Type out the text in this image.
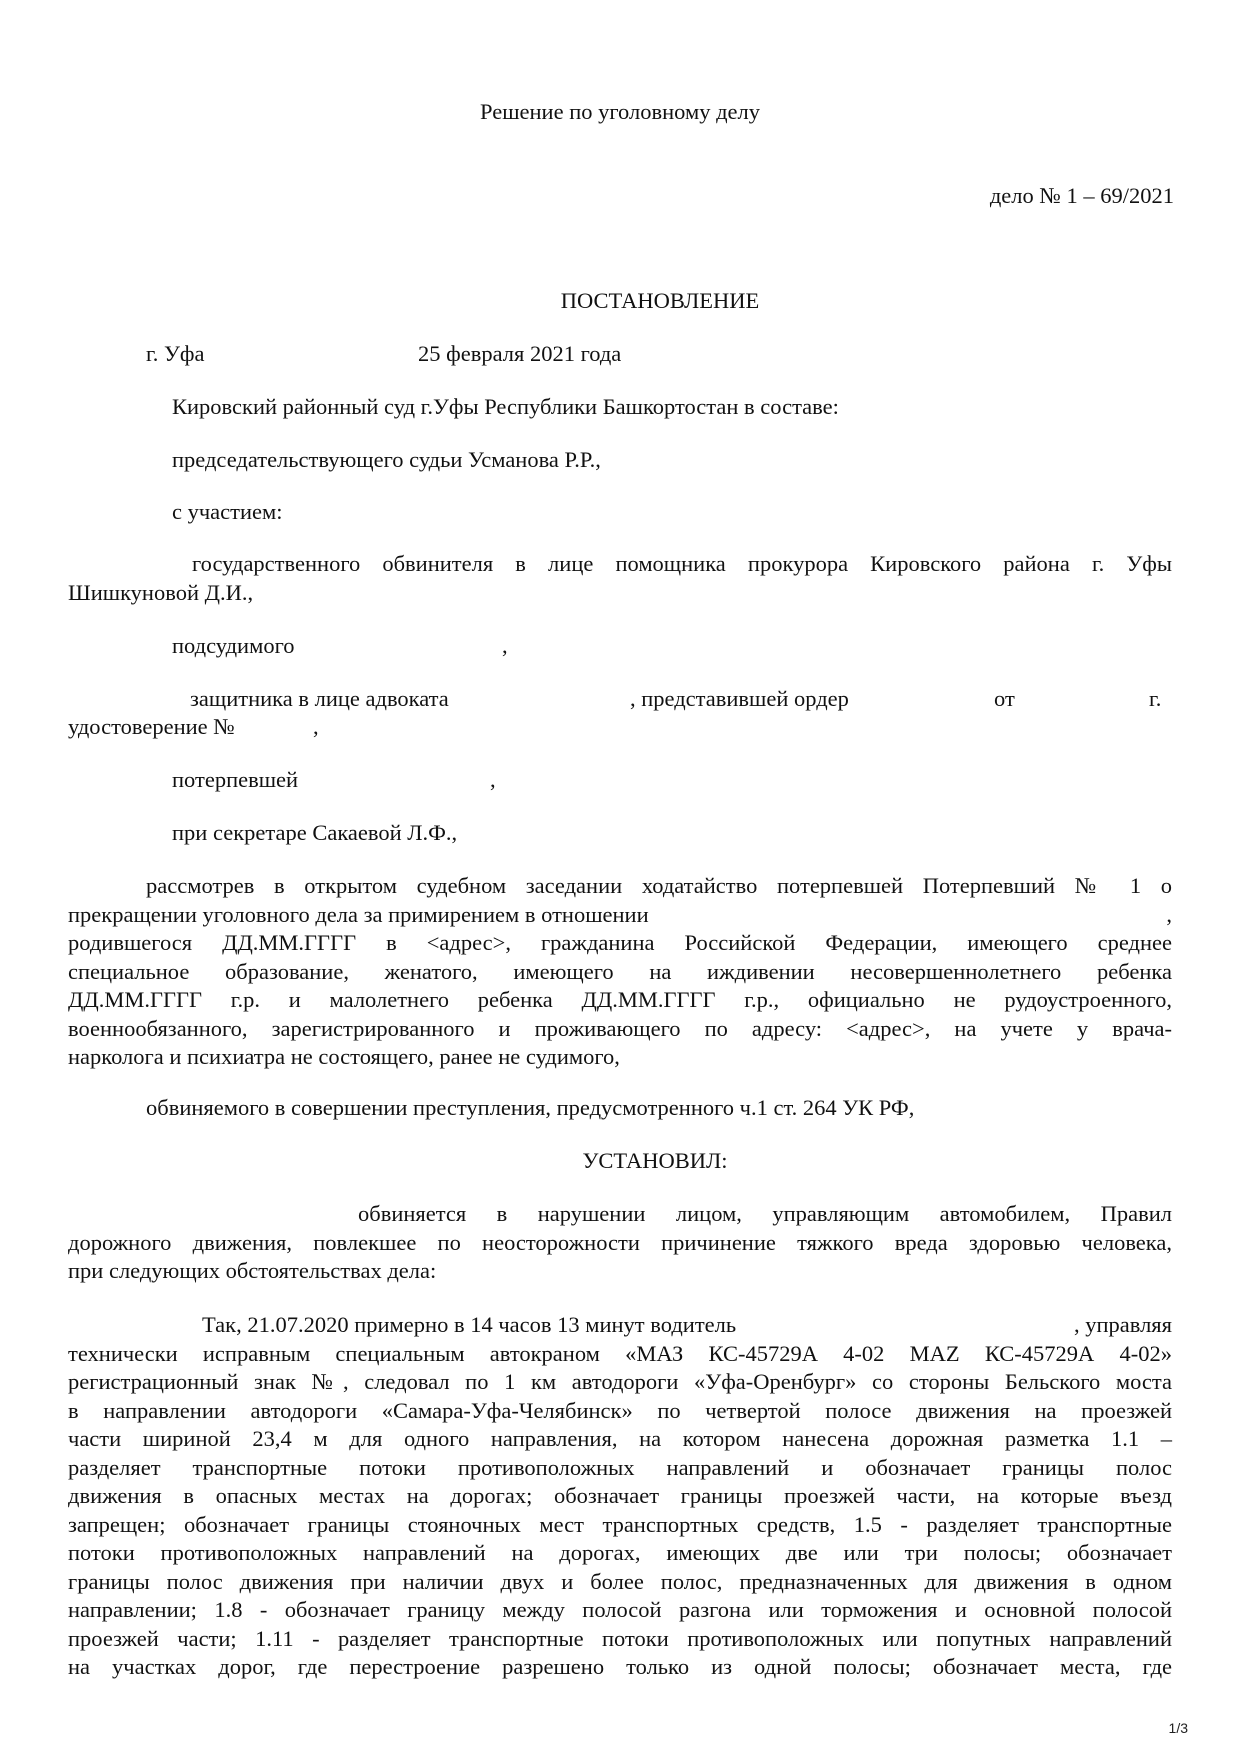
Решение по уголовному делу
дело № 1 – 69/2021
ПОСТАНОВЛЕНИЕ
г. Уфа	25 февраля 2021 года
Кировский районный суд г.Уфы Республики Башкортостан в составе:
председательствующего судьи Усманова Р.Р.,
с участием:
государственного обвинителя в лице помощника прокурора Кировского района г. Уфы
Шишкуновой Д.И.,
подсудимого	,
защитника в лице адвоката	, представившей ордер	от	г.
удостоверение №	,
потерпевшей	,
при секретаре Сакаевой Л.Ф.,
рассмотрев в открытом судебном заседании ходатайство потерпевшей Потерпевший № 1 о
прекращении уголовного дела за примирением в отношении	,
родившегося ДД.ММ.ГГГГ в <адрес>, гражданина Российской Федерации, имеющего среднее
специальное образование, женатого, имеющего на иждивении несовершеннолетнего ребенка
ДД.ММ.ГГГГ г.р. и малолетнего ребенка ДД.ММ.ГГГГ г.р., официально не рудоустроенного,
военнообязанного, зарегистрированного и проживающего по адресу: <адрес>, на учете у врача-
нарколога и психиатра не состоящего, ранее не судимого,
обвиняемого в совершении преступления, предусмотренного ч.1 ст. 264 УК РФ,
УСТАНОВИЛ:
обвиняется в нарушении лицом, управляющим автомобилем, Правил
дорожного движения, повлекшее по неосторожности причинение тяжкого вреда здоровью человека,
при следующих обстоятельствах дела:
Так, 21.07.2020 примерно в 14 часов 13 минут водитель	, управляя
технически исправным специальным автокраном «МАЗ КС-45729А 4-02 MAZ КС-45729А 4-02»
регистрационный знак №, следовал по 1 км автодороги «Уфа-Оренбург» со стороны Бельского моста
в направлении автодороги «Самара-Уфа-Челябинск» по четвертой полосе движения на проезжей
части шириной 23,4 м для одного направления, на котором нанесена дорожная разметка 1.1 –
разделяет транспортные потоки противоположных направлений и обозначает границы полос
движения в опасных местах на дорогах; обозначает границы проезжей части, на которые въезд
запрещен; обозначает границы стояночных мест транспортных средств, 1.5 - разделяет транспортные
потоки противоположных направлений на дорогах, имеющих две или три полосы; обозначает
границы полос движения при наличии двух и более полос, предназначенных для движения в одном
направлении; 1.8 - обозначает границу между полосой разгона или торможения и основной полосой
проезжей части; 1.11 - разделяет транспортные потоки противоположных или попутных направлений
на участках дорог, где перестроение разрешено только из одной полосы; обозначает места, где
1/3
